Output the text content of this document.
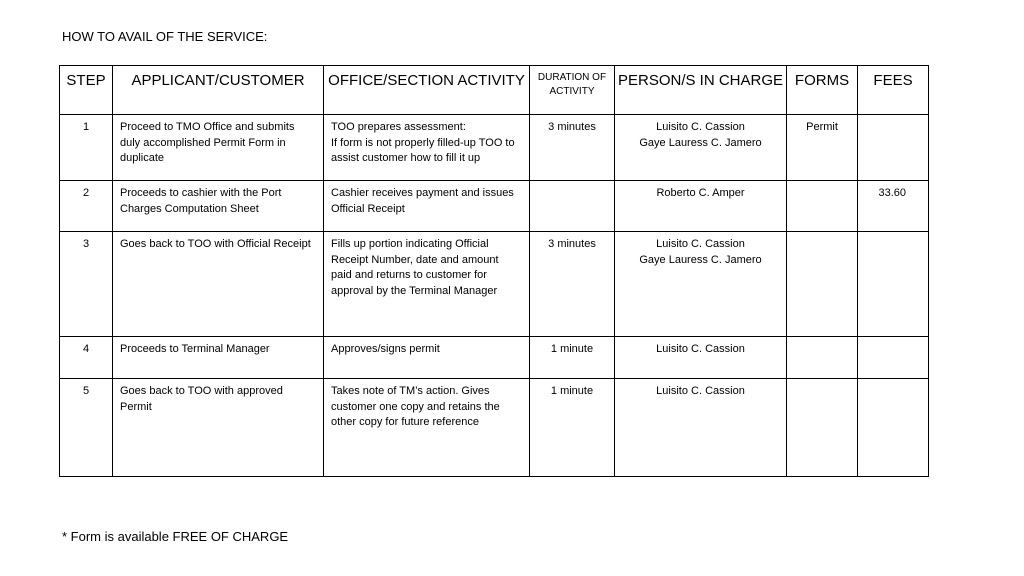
HOW TO AVAIL OF THE SERVICE:
STEP	APPLICANT/CUSTOMER	OFFICE/SECTION ACTIVITY	DURATION OF
ACTIVITY	PERSON/S IN CHARGE	FORMS	FEES
1	Proceed to TMO Office and submits duly accomplished Permit Form in duplicate	TOO prepares assessment:
If form is not properly filled-up TOO to assist customer how to fill it up	3 minutes	Luisito C. Cassion
Gaye Lauress C. Jamero	Permit	
2	Proceeds to cashier with the Port Charges Computation Sheet	Cashier receives payment and issues Official Receipt		Roberto C. Amper		33.60
3	Goes back to TOO with Official Receipt	Fills up portion indicating Official Receipt Number, date and amount paid and returns to customer for approval by the Terminal Manager	3 minutes	Luisito C. Cassion
Gaye Lauress C. Jamero		

4	Proceeds to Terminal Manager	Approves/signs permit	1 minute	Luisito C. Cassion		

5	Goes back to TOO with approved Permit	Takes note of TM’s action. Gives customer one copy and retains the other copy for future reference	1 minute	Luisito C. Cassion		

* Form is available FREE OF CHARGE
